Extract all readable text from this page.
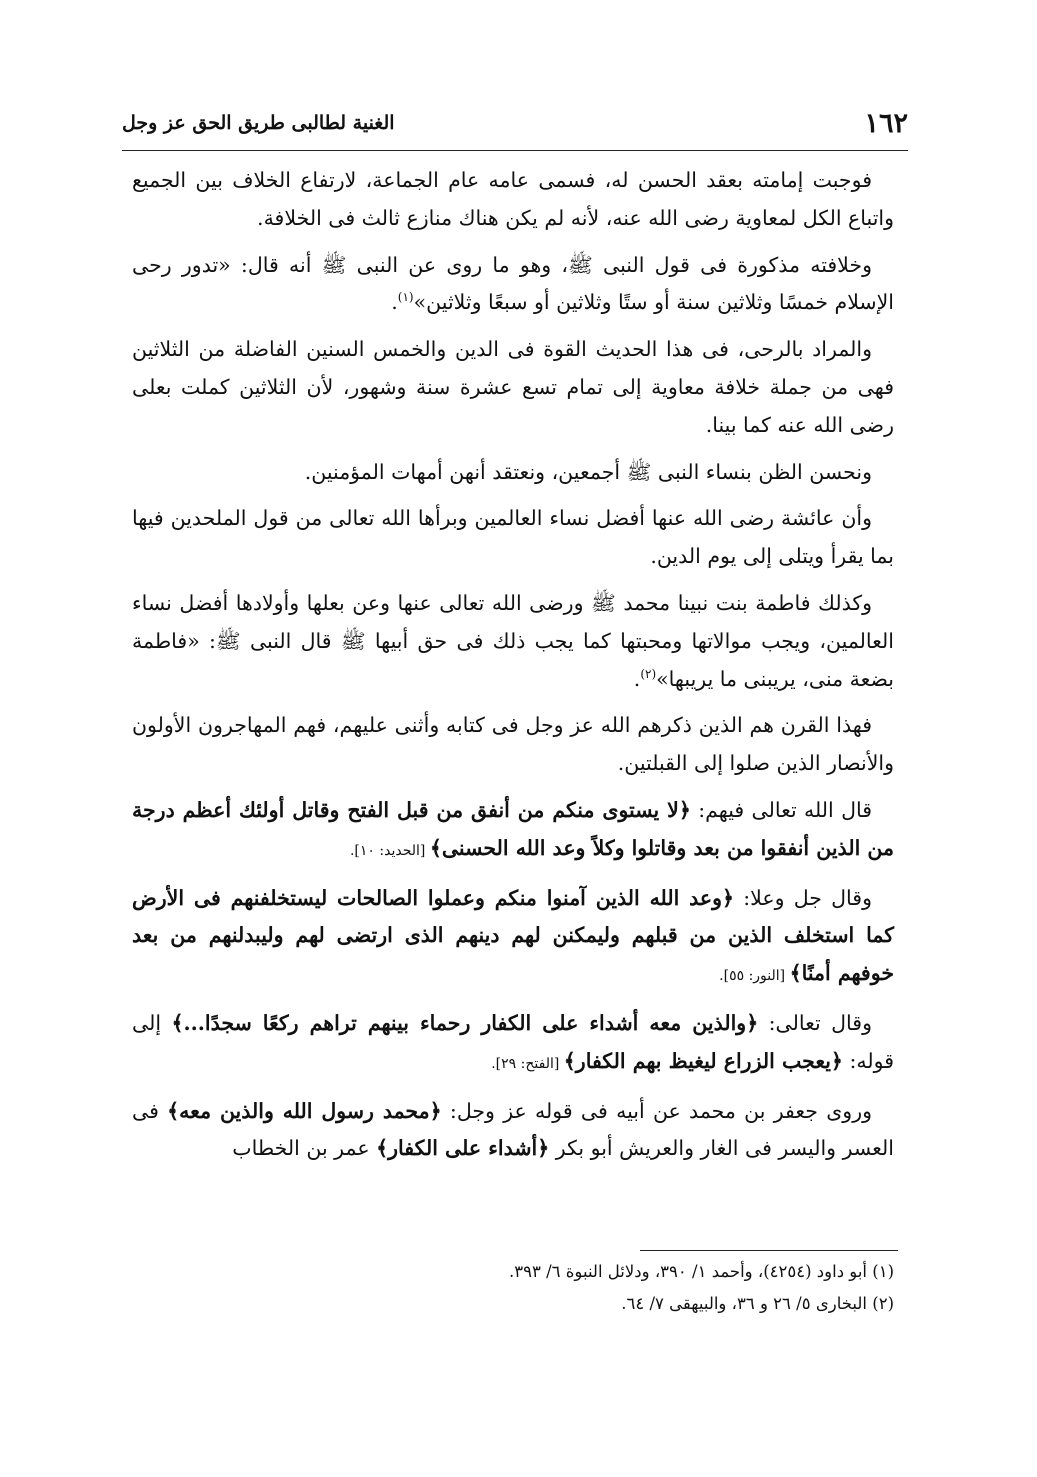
١٦٢
الغنية لطالبى طريق الحق عز وجل

فوجبت إمامته بعقد الحسن له، فسمى عامه عام الجماعة، لارتفاع الخلاف بين الجميع واتباع الكل لمعاوية رضى الله عنه، لأنه لم يكن هناك منازع ثالث فى الخلافة.

وخلافته مذكورة فى قول النبى ﷺ، وهو ما روى عن النبى ﷺ أنه قال: «تدور رحى الإسلام خمسًا وثلاثين سنة أو ستًا وثلاثين أو سبعًا وثلاثين»$^{(١)}$.

والمراد بالرحى، فى هذا الحديث القوة فى الدين والخمس السنين الفاضلة من الثلاثين فهى من جملة خلافة معاوية إلى تمام تسع عشرة سنة وشهور، لأن الثلاثين كملت بعلى رضى الله عنه كما بينا.

ونحسن الظن بنساء النبى ﷺ أجمعين، ونعتقد أنهن أمهات المؤمنين.

وأن عائشة رضى الله عنها أفضل نساء العالمين وبرأها الله تعالى من قول الملحدين فيها بما يقرأ ويتلى إلى يوم الدين.

وكذلك فاطمة بنت نبينا محمد ﷺ ورضى الله تعالى عنها وعن بعلها وأولادها أفضل نساء العالمين، ويجب موالاتها ومحبتها كما يجب ذلك فى حق أبيها ﷺ قال النبى ﷺ: «فاطمة بضعة منى، يريبنى ما يريبها»$^{(٢)}$.

فهذا القرن هم الذين ذكرهم الله عز وجل فى كتابه وأثنى عليهم، فهم المهاجرون الأولون والأنصار الذين صلوا إلى القبلتين.

قال الله تعالى فيهم: ﴿لا يستوى منكم من أنفق من قبل الفتح وقاتل أولئك أعظم درجة من الذين أنفقوا من بعد وقاتلوا وكلاً وعد الله الحسنى﴾ [الحديد: ١٠].

وقال جل وعلا: ﴿وعد الله الذين آمنوا منكم وعملوا الصالحات ليستخلفنهم فى الأرض كما استخلف الذين من قبلهم وليمكنن لهم دينهم الذى ارتضى لهم وليبدلنهم من بعد خوفهم أمنًا﴾ [النور: ٥٥].

وقال تعالى: ﴿والذين معه أشداء على الكفار رحماء بينهم تراهم ركعًا سجدًا...﴾ إلى قوله: ﴿يعجب الزراع ليغيظ بهم الكفار﴾ [الفتح: ٢٩].

وروى جعفر بن محمد عن أبيه فى قوله عز وجل: ﴿محمد رسول الله والذين معه﴾ فى العسر واليسر فى الغار والعريش أبو بكر ﴿أشداء على الكفار﴾ عمر بن الخطاب

(١) أبو داود (٤٢٥٤)، وأحمد ١/ ٣٩٠، ودلائل النبوة ٦/ ٣٩٣.

(٢) البخارى ٥/ ٢٦ و ٣٦، والبيهقى ٧/ ٦٤.
